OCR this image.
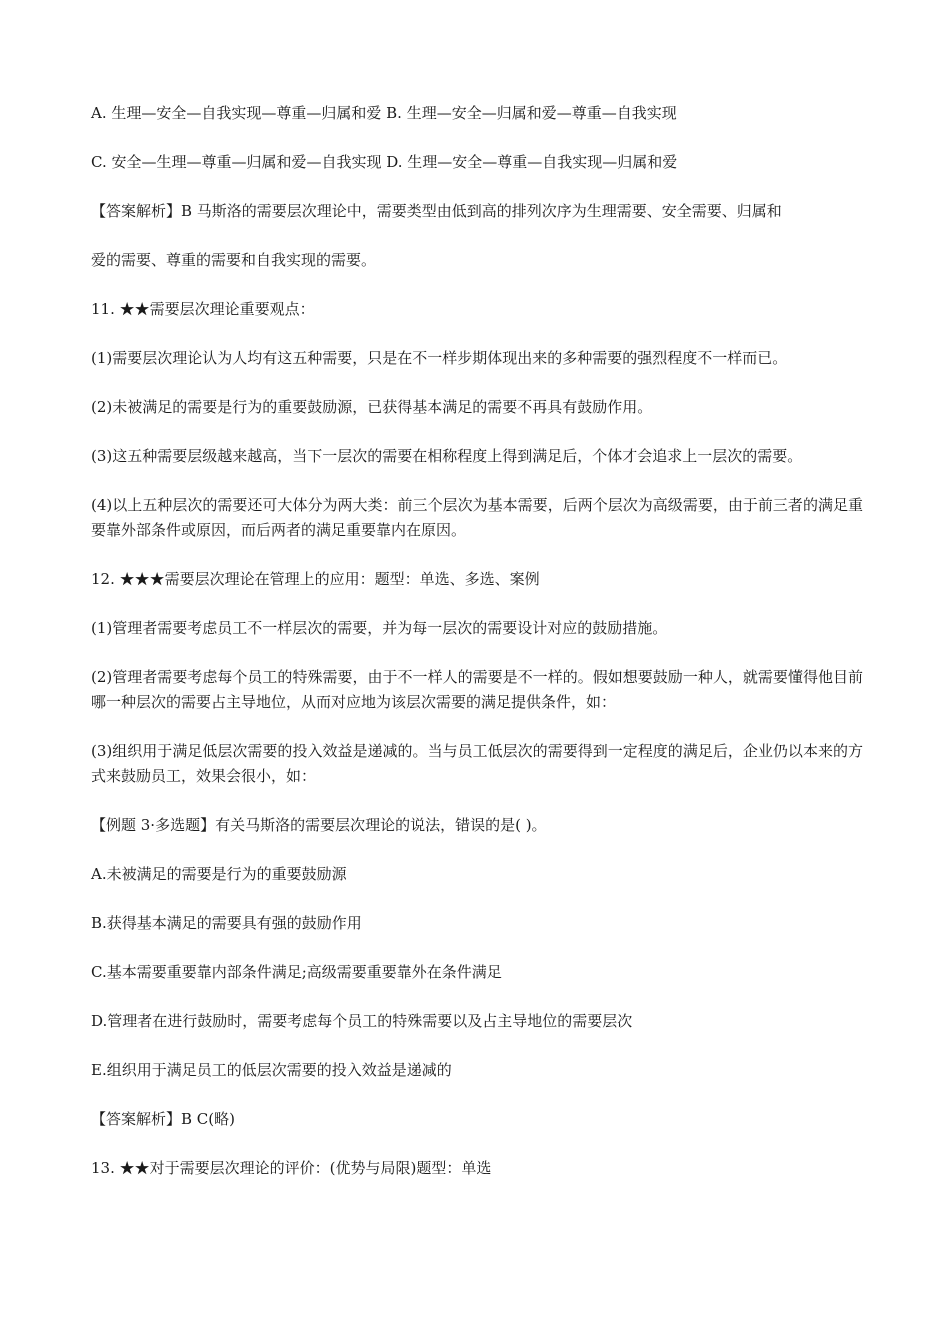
A. 生理—安全—自我实现—尊重—归属和爱 B. 生理—安全—归属和爱—尊重—自我实现

C. 安全—生理—尊重—归属和爱—自我实现 D. 生理—安全—尊重—自我实现—归属和爱

【答案解析】B 马斯洛的需要层次理论中，需要类型由低到高的排列次序为生理需要、安全需要、归属和

爱的需要、尊重的需要和自我实现的需要。

11. ★★需要层次理论重要观点：

(1)需要层次理论认为人均有这五种需要，只是在不一样步期体现出来的多种需要的强烈程度不一样而已。

(2)未被满足的需要是行为的重要鼓励源，已获得基本满足的需要不再具有鼓励作用。

(3)这五种需要层级越来越高，当下一层次的需要在相称程度上得到满足后，个体才会追求上一层次的需要。

(4)以上五种层次的需要还可大体分为两大类：前三个层次为基本需要，后两个层次为高级需要，由于前三者的满足重要靠外部条件或原因，而后两者的满足重要靠内在原因。

12. ★★★需要层次理论在管理上的应用：题型：单选、多选、案例

(1)管理者需要考虑员工不一样层次的需要，并为每一层次的需要设计对应的鼓励措施。

(2)管理者需要考虑每个员工的特殊需要，由于不一样人的需要是不一样的。假如想要鼓励一种人，就需要懂得他目前哪一种层次的需要占主导地位，从而对应地为该层次需要的满足提供条件，如：

(3)组织用于满足低层次需要的投入效益是递减的。当与员工低层次的需要得到一定程度的满足后，企业仍以本来的方式来鼓励员工，效果会很小，如：

【例题 3·多选题】有关马斯洛的需要层次理论的说法，错误的是( )。

A.未被满足的需要是行为的重要鼓励源

B.获得基本满足的需要具有强的鼓励作用

C.基本需要重要靠内部条件满足;高级需要重要靠外在条件满足

D.管理者在进行鼓励时，需要考虑每个员工的特殊需要以及占主导地位的需要层次

E.组织用于满足员工的低层次需要的投入效益是递减的

【答案解析】B C(略)

13. ★★对于需要层次理论的评价：(优势与局限)题型：单选
